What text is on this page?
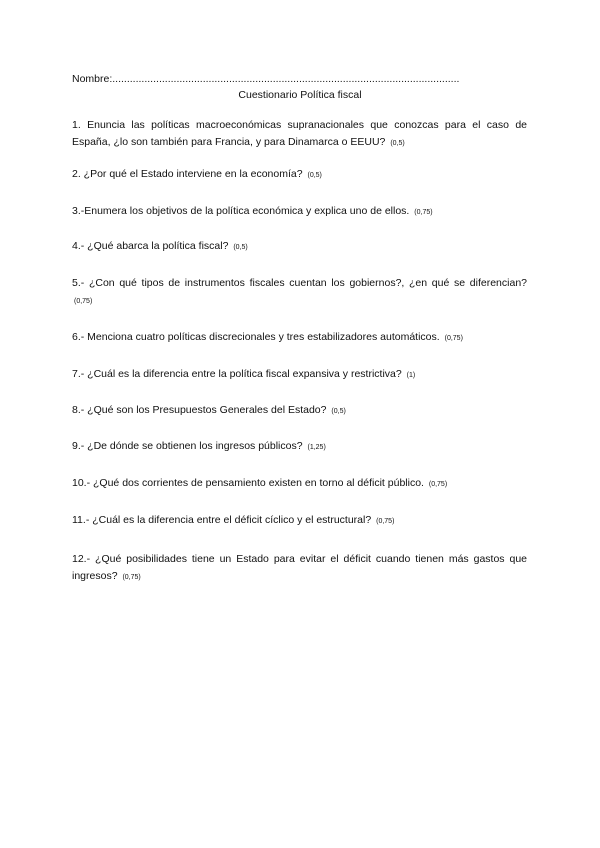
Nombre:.......................................................................................................................
Cuestionario Política fiscal
1. Enuncia las políticas macroeconómicas supranacionales que conozcas para el caso de España, ¿lo son también para Francia, y para Dinamarca o EEUU? (0,5)
2. ¿Por qué el Estado interviene en la economía? (0,5)
3.-Enumera los objetivos de la política económica y explica uno de ellos. (0,75)
4.- ¿Qué abarca la política fiscal? (0,5)
5.- ¿Con qué tipos de instrumentos fiscales cuentan los gobiernos?, ¿en qué se diferencian? (0,75)
6.- Menciona cuatro políticas discrecionales y tres estabilizadores automáticos. (0,75)
7.- ¿Cuál es la diferencia entre la política fiscal expansiva y restrictiva? (1)
8.- ¿Qué son los Presupuestos Generales del Estado? (0,5)
9.- ¿De dónde se obtienen los ingresos públicos? (1,25)
10.- ¿Qué dos corrientes de pensamiento existen en torno al déficit público. (0,75)
11.- ¿Cuál es la diferencia entre el déficit cíclico y el estructural? (0,75)
12.- ¿Qué posibilidades tiene un Estado para evitar el déficit cuando tienen más gastos que ingresos? (0,75)
